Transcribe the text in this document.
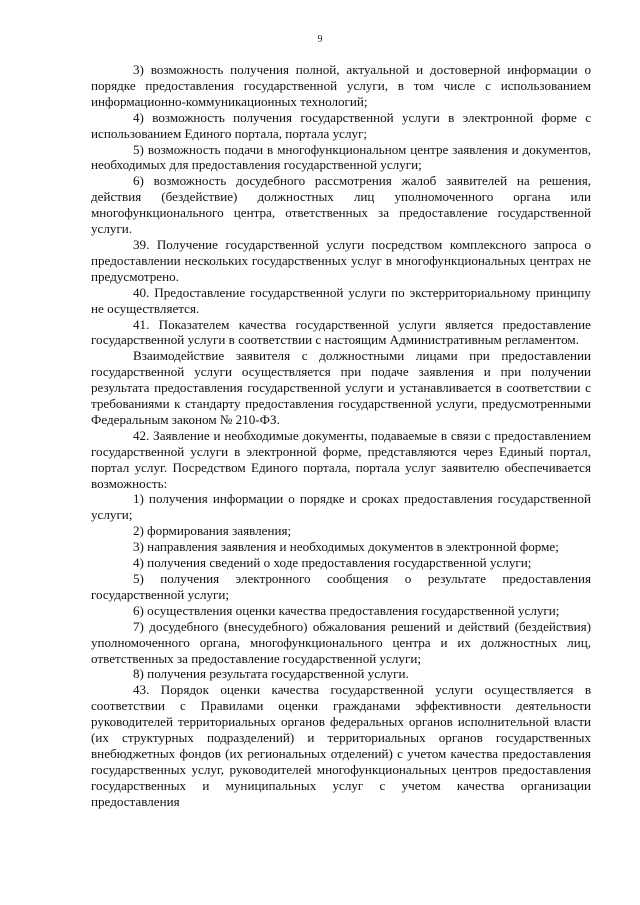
9

3) возможность получения полной, актуальной и достоверной информации о порядке предоставления государственной услуги, в том числе с использованием информационно-коммуникационных технологий;

4) возможность получения государственной услуги в электронной форме с использованием Единого портала, портала услуг;

5) возможность подачи в многофункциональном центре заявления и документов, необходимых для предоставления государственной услуги;

6) возможность досудебного рассмотрения жалоб заявителей на решения, действия (бездействие) должностных лиц уполномоченного органа или многофункционального центра, ответственных за предоставление государственной услуги.

39. Получение государственной услуги посредством комплексного запроса о предоставлении нескольких государственных услуг в многофункциональных центрах не предусмотрено.

40. Предоставление государственной услуги по экстерриториальному принципу не осуществляется.

41. Показателем качества государственной услуги является предоставление государственной услуги в соответствии с настоящим Административным регламентом.

Взаимодействие заявителя с должностными лицами при предоставлении государственной услуги осуществляется при подаче заявления и при получении результата предоставления государственной услуги и устанавливается в соответствии с требованиями к стандарту предоставления государственной услуги, предусмотренными Федеральным законом № 210-ФЗ.

42. Заявление и необходимые документы, подаваемые в связи с предоставлением государственной услуги в электронной форме, представляются через Единый портал, портал услуг. Посредством Единого портала, портала услуг заявителю обеспечивается возможность:

1) получения информации о порядке и сроках предоставления государственной услуги;

2) формирования заявления;

3) направления заявления и необходимых документов в электронной форме;

4) получения сведений о ходе предоставления государственной услуги;

5) получения электронного сообщения о результате предоставления государственной услуги;

6) осуществления оценки качества предоставления государственной услуги;

7) досудебного (внесудебного) обжалования решений и действий (бездействия) уполномоченного органа, многофункционального центра и их должностных лиц, ответственных за предоставление государственной услуги;

8) получения результата государственной услуги.

43. Порядок оценки качества государственной услуги осуществляется в соответствии с Правилами оценки гражданами эффективности деятельности руководителей территориальных органов федеральных органов исполнительной власти (их структурных подразделений) и территориальных органов государственных внебюджетных фондов (их региональных отделений) с учетом качества предоставления государственных услуг, руководителей многофункциональных центров предоставления государственных и муниципальных услуг с учетом качества организации предоставления
